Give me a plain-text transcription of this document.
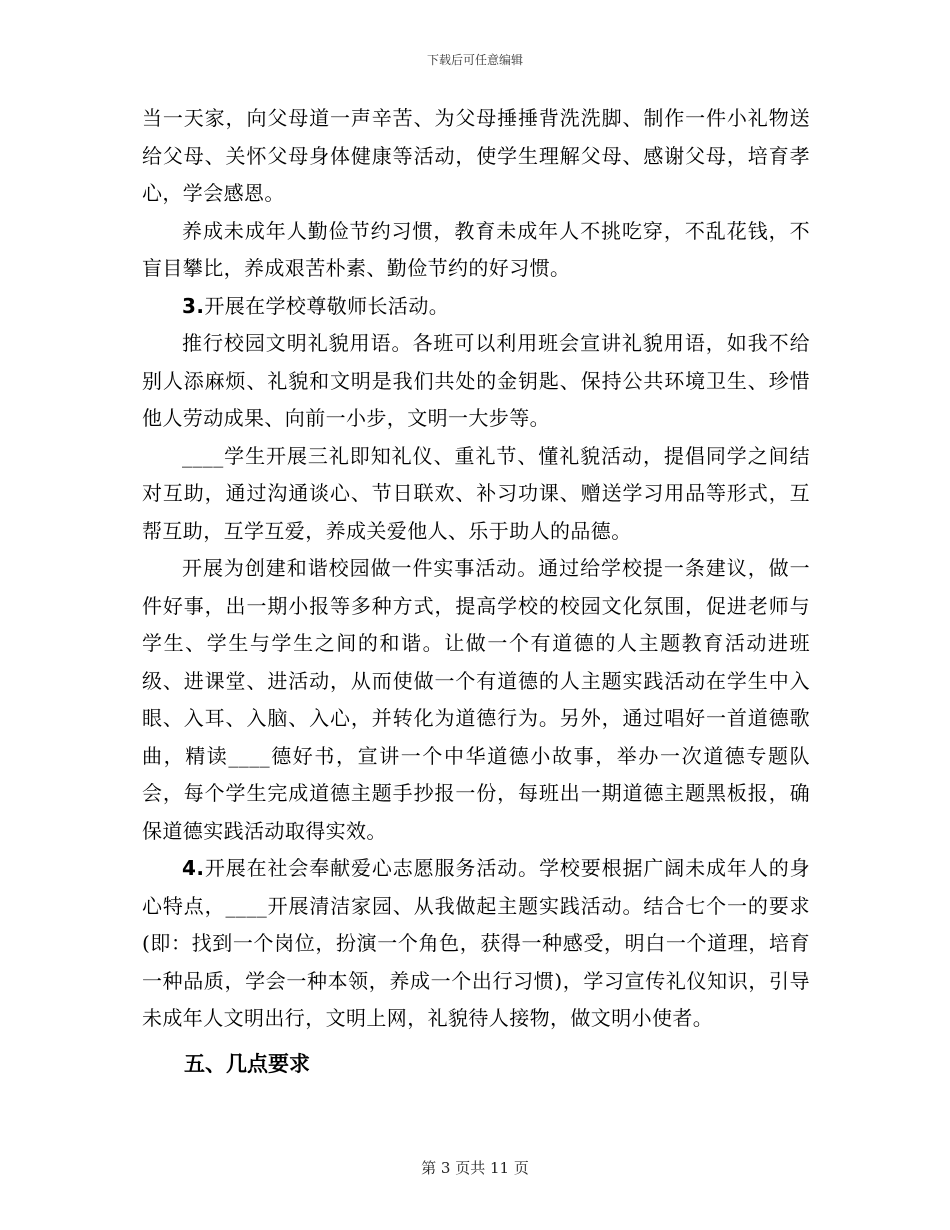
下载后可任意编辑

当一天家，向父母道一声辛苦、为父母捶捶背洗洗脚、制作一件小礼物送给父母、关怀父母身体健康等活动，使学生理解父母、感谢父母，培育孝心，学会感恩。

养成未成年人勤俭节约习惯，教育未成年人不挑吃穿，不乱花钱，不盲目攀比，养成艰苦朴素、勤俭节约的好习惯。

3.开展在学校尊敬师长活动。

推行校园文明礼貌用语。各班可以利用班会宣讲礼貌用语，如我不给别人添麻烦、礼貌和文明是我们共处的金钥匙、保持公共环境卫生、珍惜他人劳动成果、向前一小步，文明一大步等。

____学生开展三礼即知礼仪、重礼节、懂礼貌活动，提倡同学之间结对互助，通过沟通谈心、节日联欢、补习功课、赠送学习用品等形式，互帮互助，互学互爱，养成关爱他人、乐于助人的品德。

开展为创建和谐校园做一件实事活动。通过给学校提一条建议，做一件好事，出一期小报等多种方式，提高学校的校园文化氛围，促进老师与学生、学生与学生之间的和谐。让做一个有道德的人主题教育活动进班级、进课堂、进活动，从而使做一个有道德的人主题实践活动在学生中入眼、入耳、入脑、入心，并转化为道德行为。另外，通过唱好一首道德歌曲，精读____德好书，宣讲一个中华道德小故事，举办一次道德专题队会，每个学生完成道德主题手抄报一份，每班出一期道德主题黑板报，确保道德实践活动取得实效。

4.开展在社会奉献爱心志愿服务活动。学校要根据广阔未成年人的身心特点，____开展清洁家园、从我做起主题实践活动。结合七个一的要求(即：找到一个岗位，扮演一个角色，获得一种感受，明白一个道理，培育一种品质，学会一种本领，养成一个出行习惯)，学习宣传礼仪知识，引导未成年人文明出行，文明上网，礼貌待人接物，做文明小使者。

五、几点要求

第 3 页共 11 页
